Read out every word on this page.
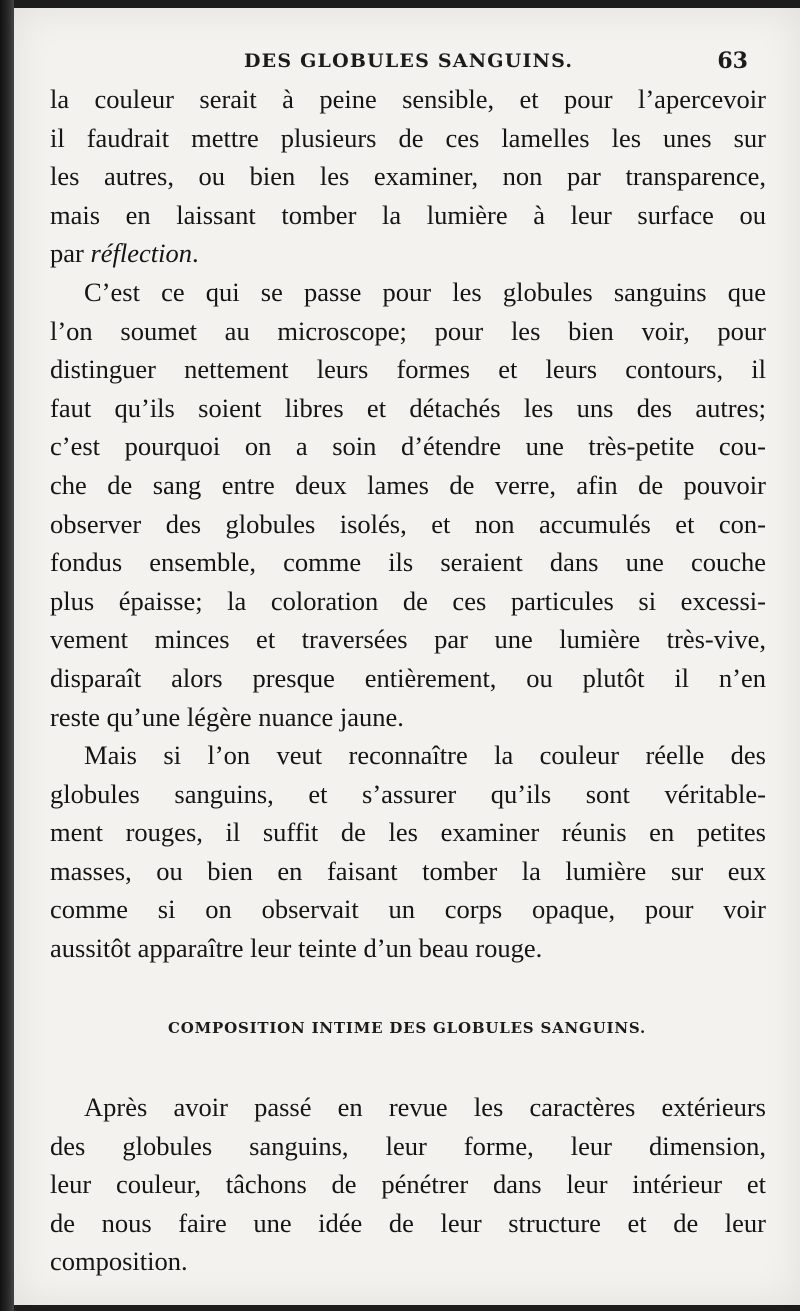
DES GLOBULES SANGUINS.	63

la couleur serait à peine sensible, et pour l’apercevoir
il faudrait mettre plusieurs de ces lamelles les unes sur
les autres, ou bien les examiner, non par transparence,
mais en laissant tomber la lumière à leur surface ou
par réflection.

C’est ce qui se passe pour les globules sanguins que
l’on soumet au microscope; pour les bien voir, pour
distinguer nettement leurs formes et leurs contours, il
faut qu’ils soient libres et détachés les uns des autres;
c’est pourquoi on a soin d’étendre une très-petite cou-
che de sang entre deux lames de verre, afin de pouvoir
observer des globules isolés, et non accumulés et con-
fondus ensemble, comme ils seraient dans une couche
plus épaisse; la coloration de ces particules si excessi-
vement minces et traversées par une lumière très-vive,
disparaît alors presque entièrement, ou plutôt il n’en
reste qu’une légère nuance jaune.

Mais si l’on veut reconnaître la couleur réelle des
globules sanguins, et s’assurer qu’ils sont véritable-
ment rouges, il suffit de les examiner réunis en petites
masses, ou bien en faisant tomber la lumière sur eux
comme si on observait un corps opaque, pour voir
aussitôt apparaître leur teinte d’un beau rouge.

COMPOSITION INTIME DES GLOBULES SANGUINS.

Après avoir passé en revue les caractères extérieurs
des globules sanguins, leur forme, leur dimension,
leur couleur, tâchons de pénétrer dans leur intérieur et
de nous faire une idée de leur structure et de leur
composition.
